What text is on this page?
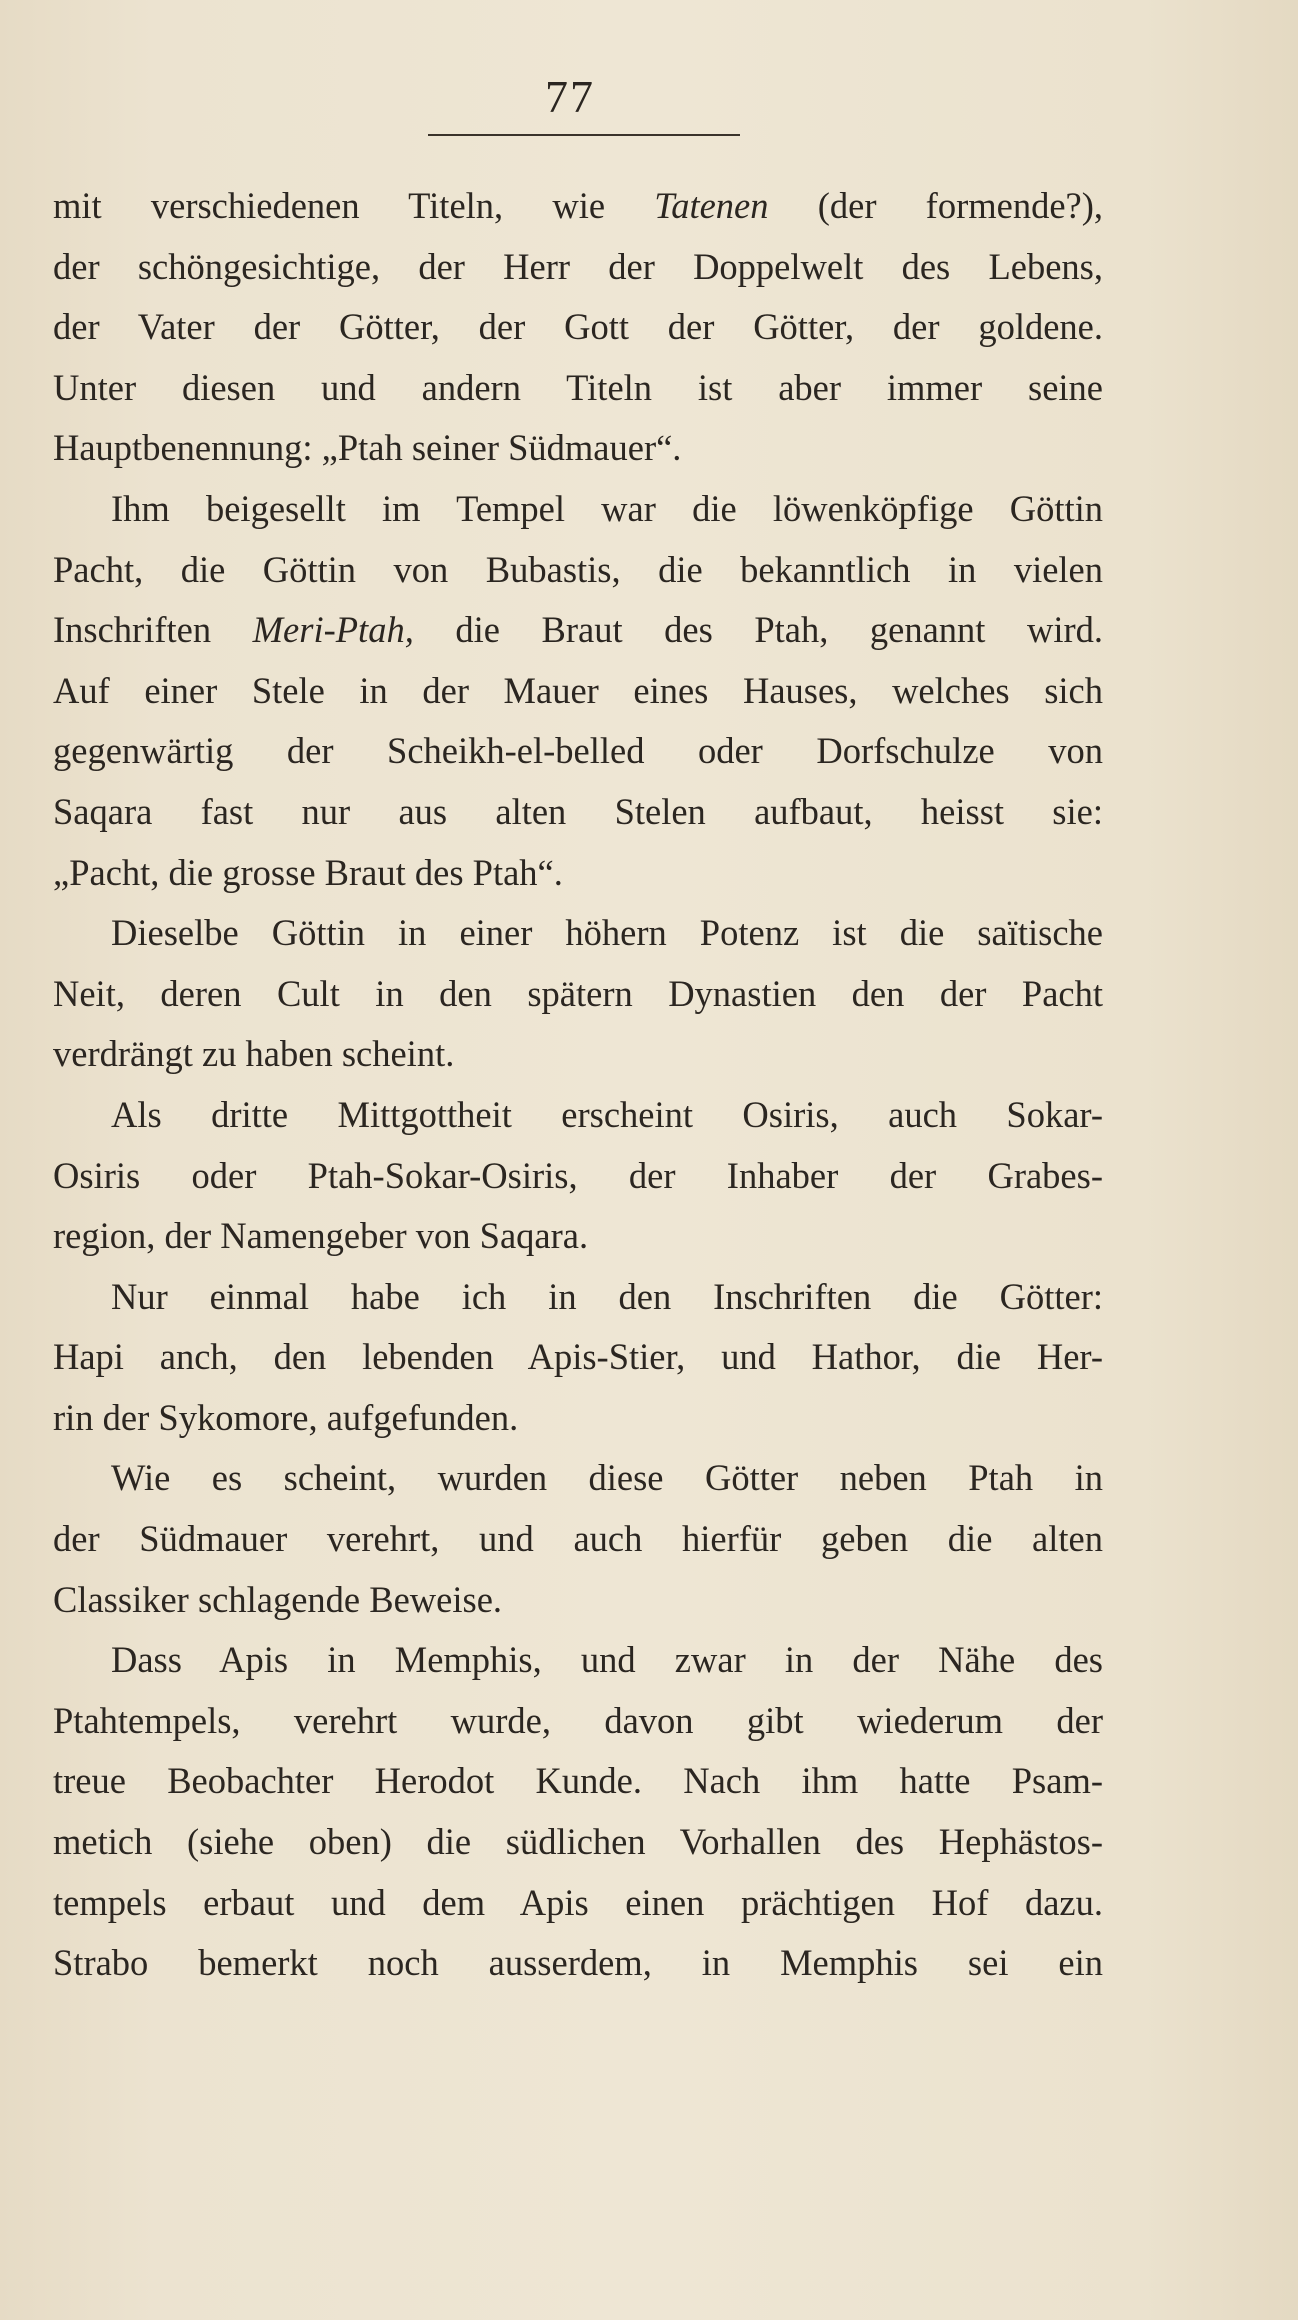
77
mit verschiedenen Titeln, wie Tatenen (der formende?),
der schöngesichtige, der Herr der Doppelwelt des Lebens,
der Vater der Götter, der Gott der Götter, der goldene.
Unter diesen und andern Titeln ist aber immer seine
Hauptbenennung: „Ptah seiner Südmauer“.
Ihm beigesellt im Tempel war die löwenköpfige Göttin
Pacht, die Göttin von Bubastis, die bekanntlich in vielen
Inschriften Meri-Ptah, die Braut des Ptah, genannt wird.
Auf einer Stele in der Mauer eines Hauses, welches sich
gegenwärtig der Scheikh-el-belled oder Dorfschulze von
Saqara fast nur aus alten Stelen aufbaut, heisst sie:
„Pacht, die grosse Braut des Ptah“.
Dieselbe Göttin in einer höhern Potenz ist die saïtische
Neit, deren Cult in den spätern Dynastien den der Pacht
verdrängt zu haben scheint.
Als dritte Mittgottheit erscheint Osiris, auch Sokar-
Osiris oder Ptah-Sokar-Osiris, der Inhaber der Grabes-
region, der Namengeber von Saqara.
Nur einmal habe ich in den Inschriften die Götter:
Hapi anch, den lebenden Apis-Stier, und Hathor, die Her-
rin der Sykomore, aufgefunden.
Wie es scheint, wurden diese Götter neben Ptah in
der Südmauer verehrt, und auch hierfür geben die alten
Classiker schlagende Beweise.
Dass Apis in Memphis, und zwar in der Nähe des
Ptahtempels, verehrt wurde, davon gibt wiederum der
treue Beobachter Herodot Kunde. Nach ihm hatte Psam-
metich (siehe oben) die südlichen Vorhallen des Hephästos-
tempels erbaut und dem Apis einen prächtigen Hof dazu.
Strabo bemerkt noch ausserdem, in Memphis sei ein
